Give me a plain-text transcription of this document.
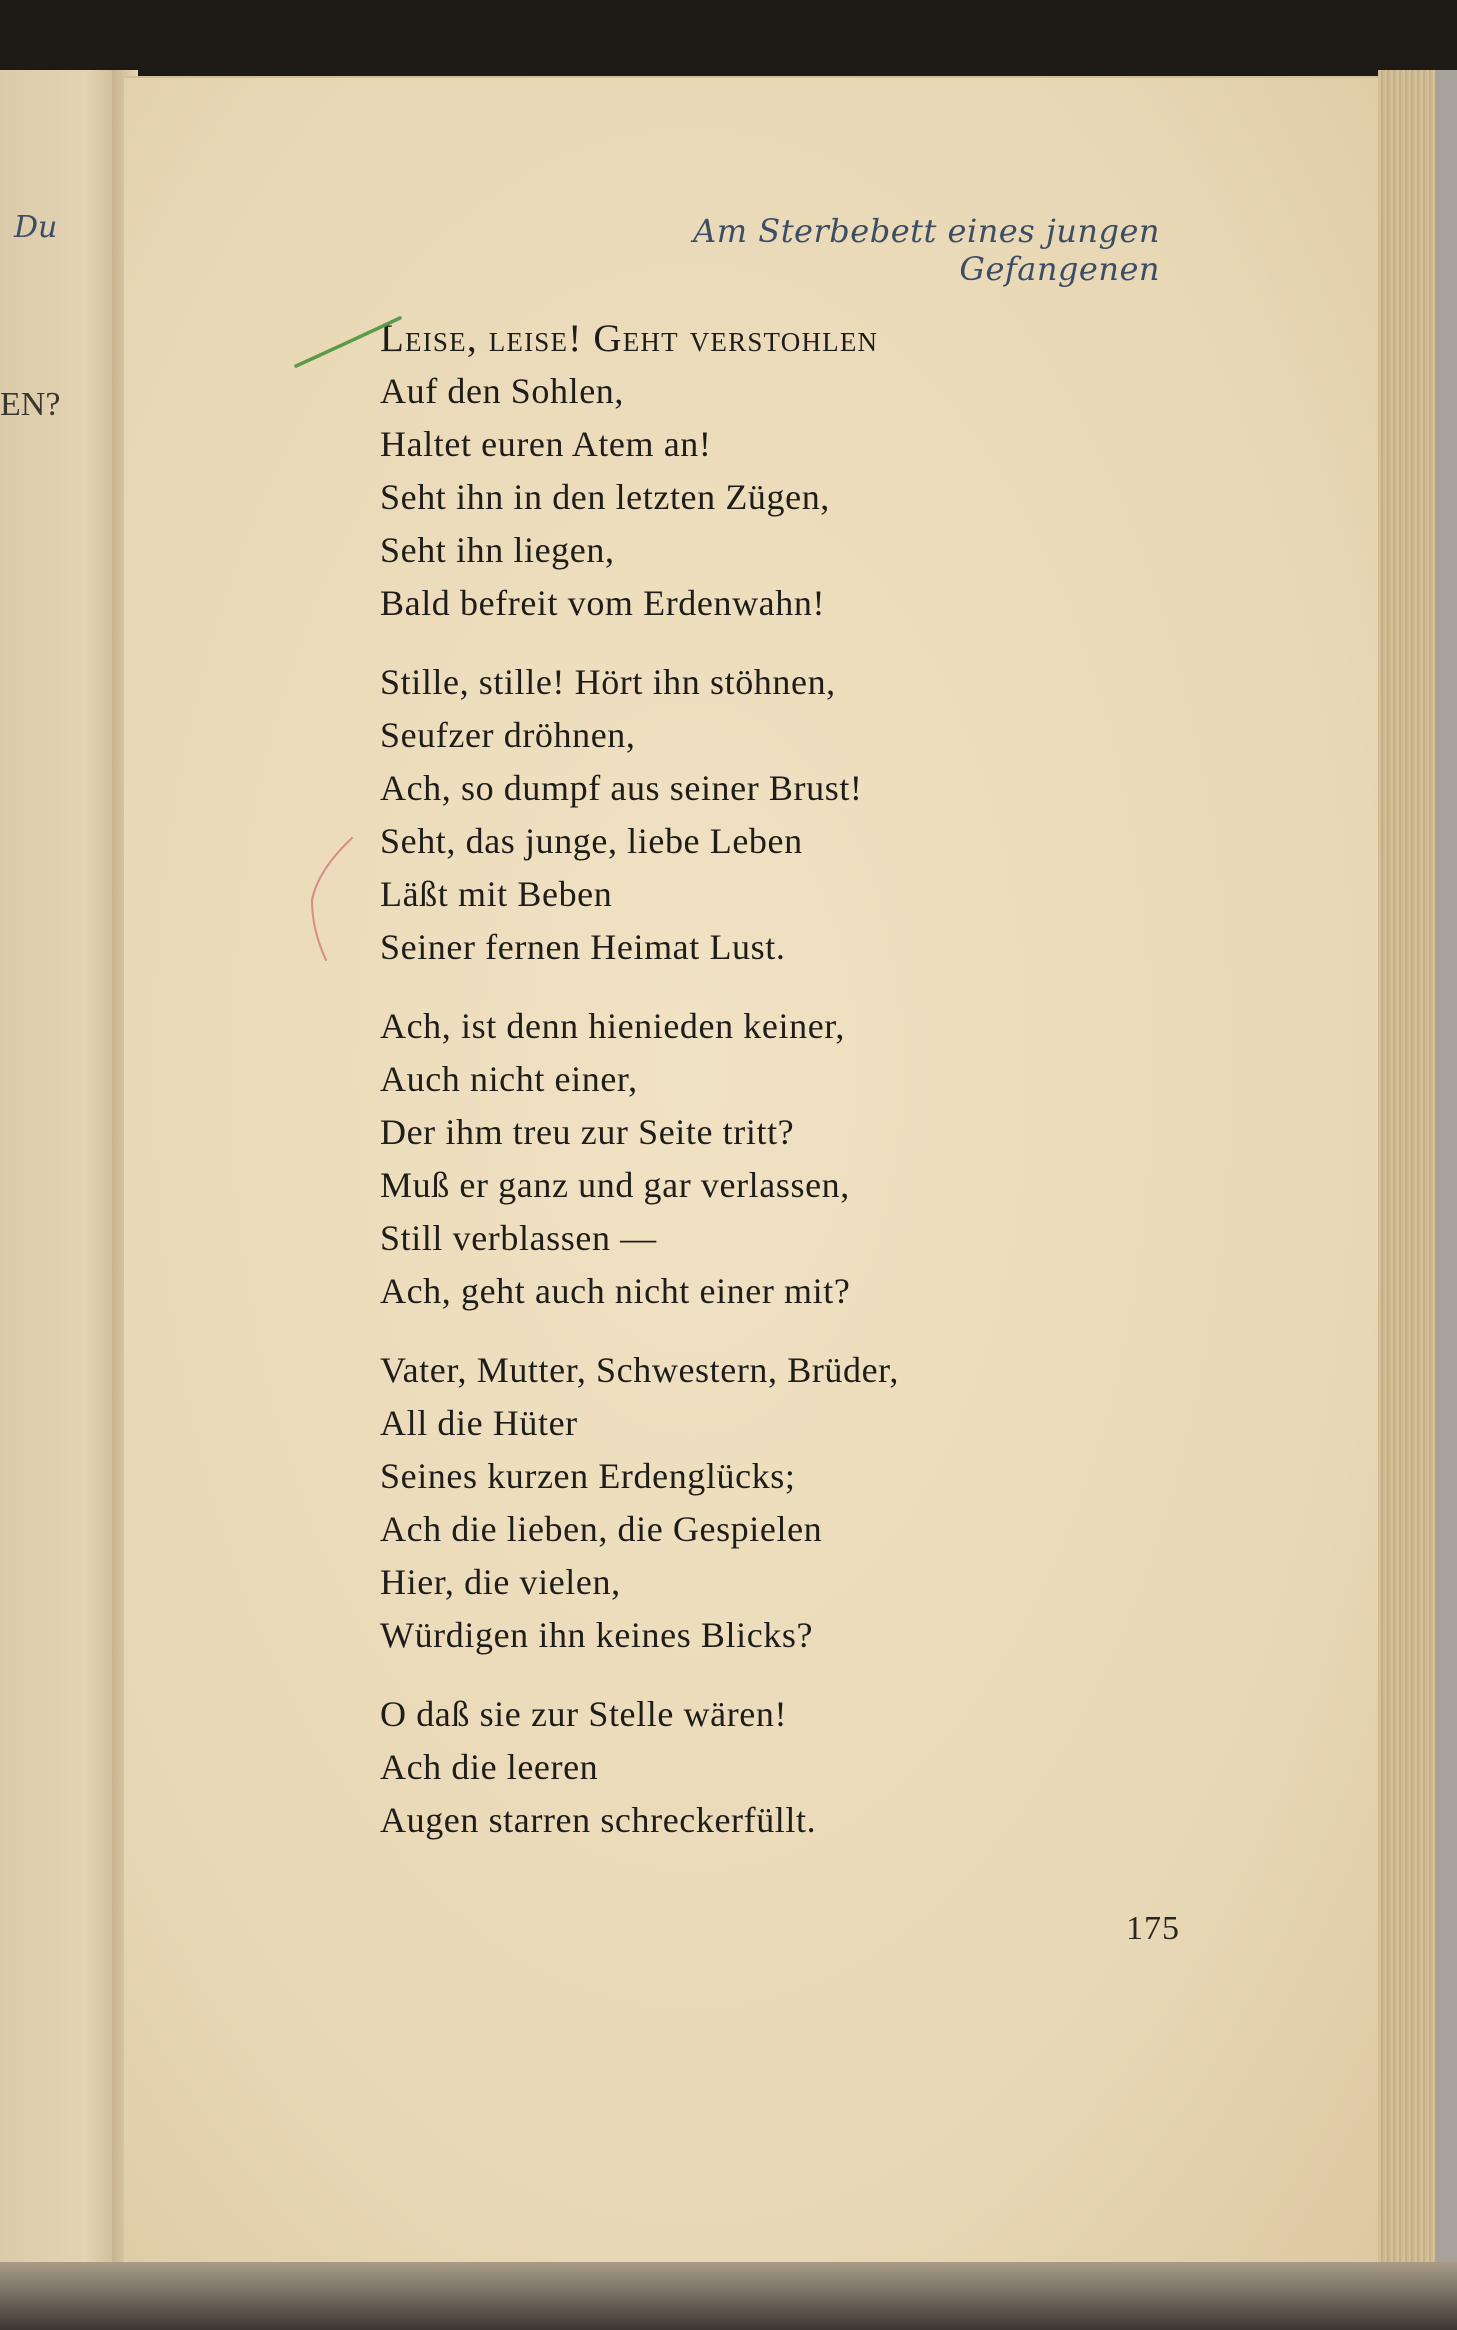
Du
EN?
Am Sterbebett eines jungen Gefangenen
Leise, leise! Geht verstohlen
Auf den Sohlen,
Haltet euren Atem an!
Seht ihn in den letzten Zügen,
Seht ihn liegen,
Bald befreit vom Erdenwahn!
Stille, stille! Hört ihn stöhnen,
Seufzer dröhnen,
Ach, so dumpf aus seiner Brust!
Seht, das junge, liebe Leben
Läßt mit Beben
Seiner fernen Heimat Lust.
Ach, ist denn hienieden keiner,
Auch nicht einer,
Der ihm treu zur Seite tritt?
Muß er ganz und gar verlassen,
Still verblassen —
Ach, geht auch nicht einer mit?
Vater, Mutter, Schwestern, Brüder,
All die Hüter
Seines kurzen Erdenglücks;
Ach die lieben, die Gespielen
Hier, die vielen,
Würdigen ihn keines Blicks?
O daß sie zur Stelle wären!
Ach die leeren
Augen starren schreckerfüllt.
175
